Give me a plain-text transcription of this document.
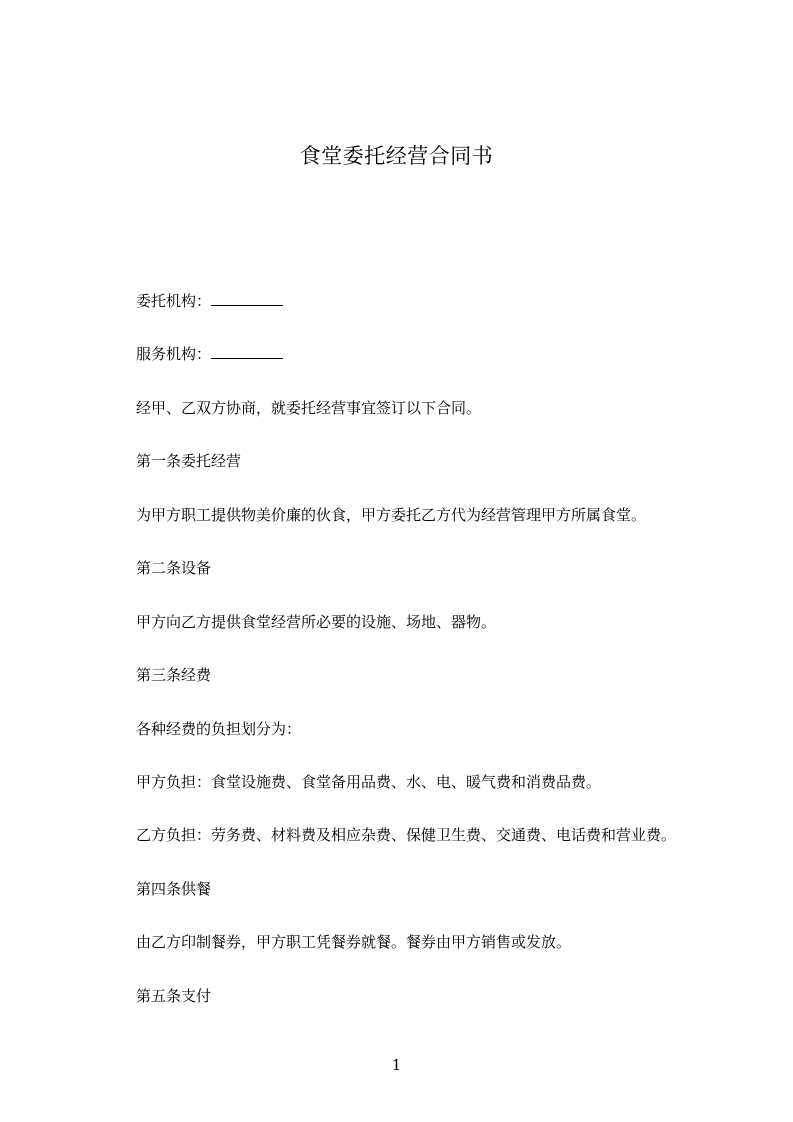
食堂委托经营合同书
委托机构：
服务机构：
经甲、乙双方协商，就委托经营事宜签订以下合同。
第一条委托经营
为甲方职工提供物美价廉的伙食，甲方委托乙方代为经营管理甲方所属食堂。
第二条设备
甲方向乙方提供食堂经营所必要的设施、场地、器物。
第三条经费
各种经费的负担划分为：
甲方负担：食堂设施费、食堂备用品费、水、电、暖气费和消费品费。
乙方负担：劳务费、材料费及相应杂费、保健卫生费、交通费、电话费和营业费。
第四条供餐
由乙方印制餐券，甲方职工凭餐券就餐。餐券由甲方销售或发放。
第五条支付
1
